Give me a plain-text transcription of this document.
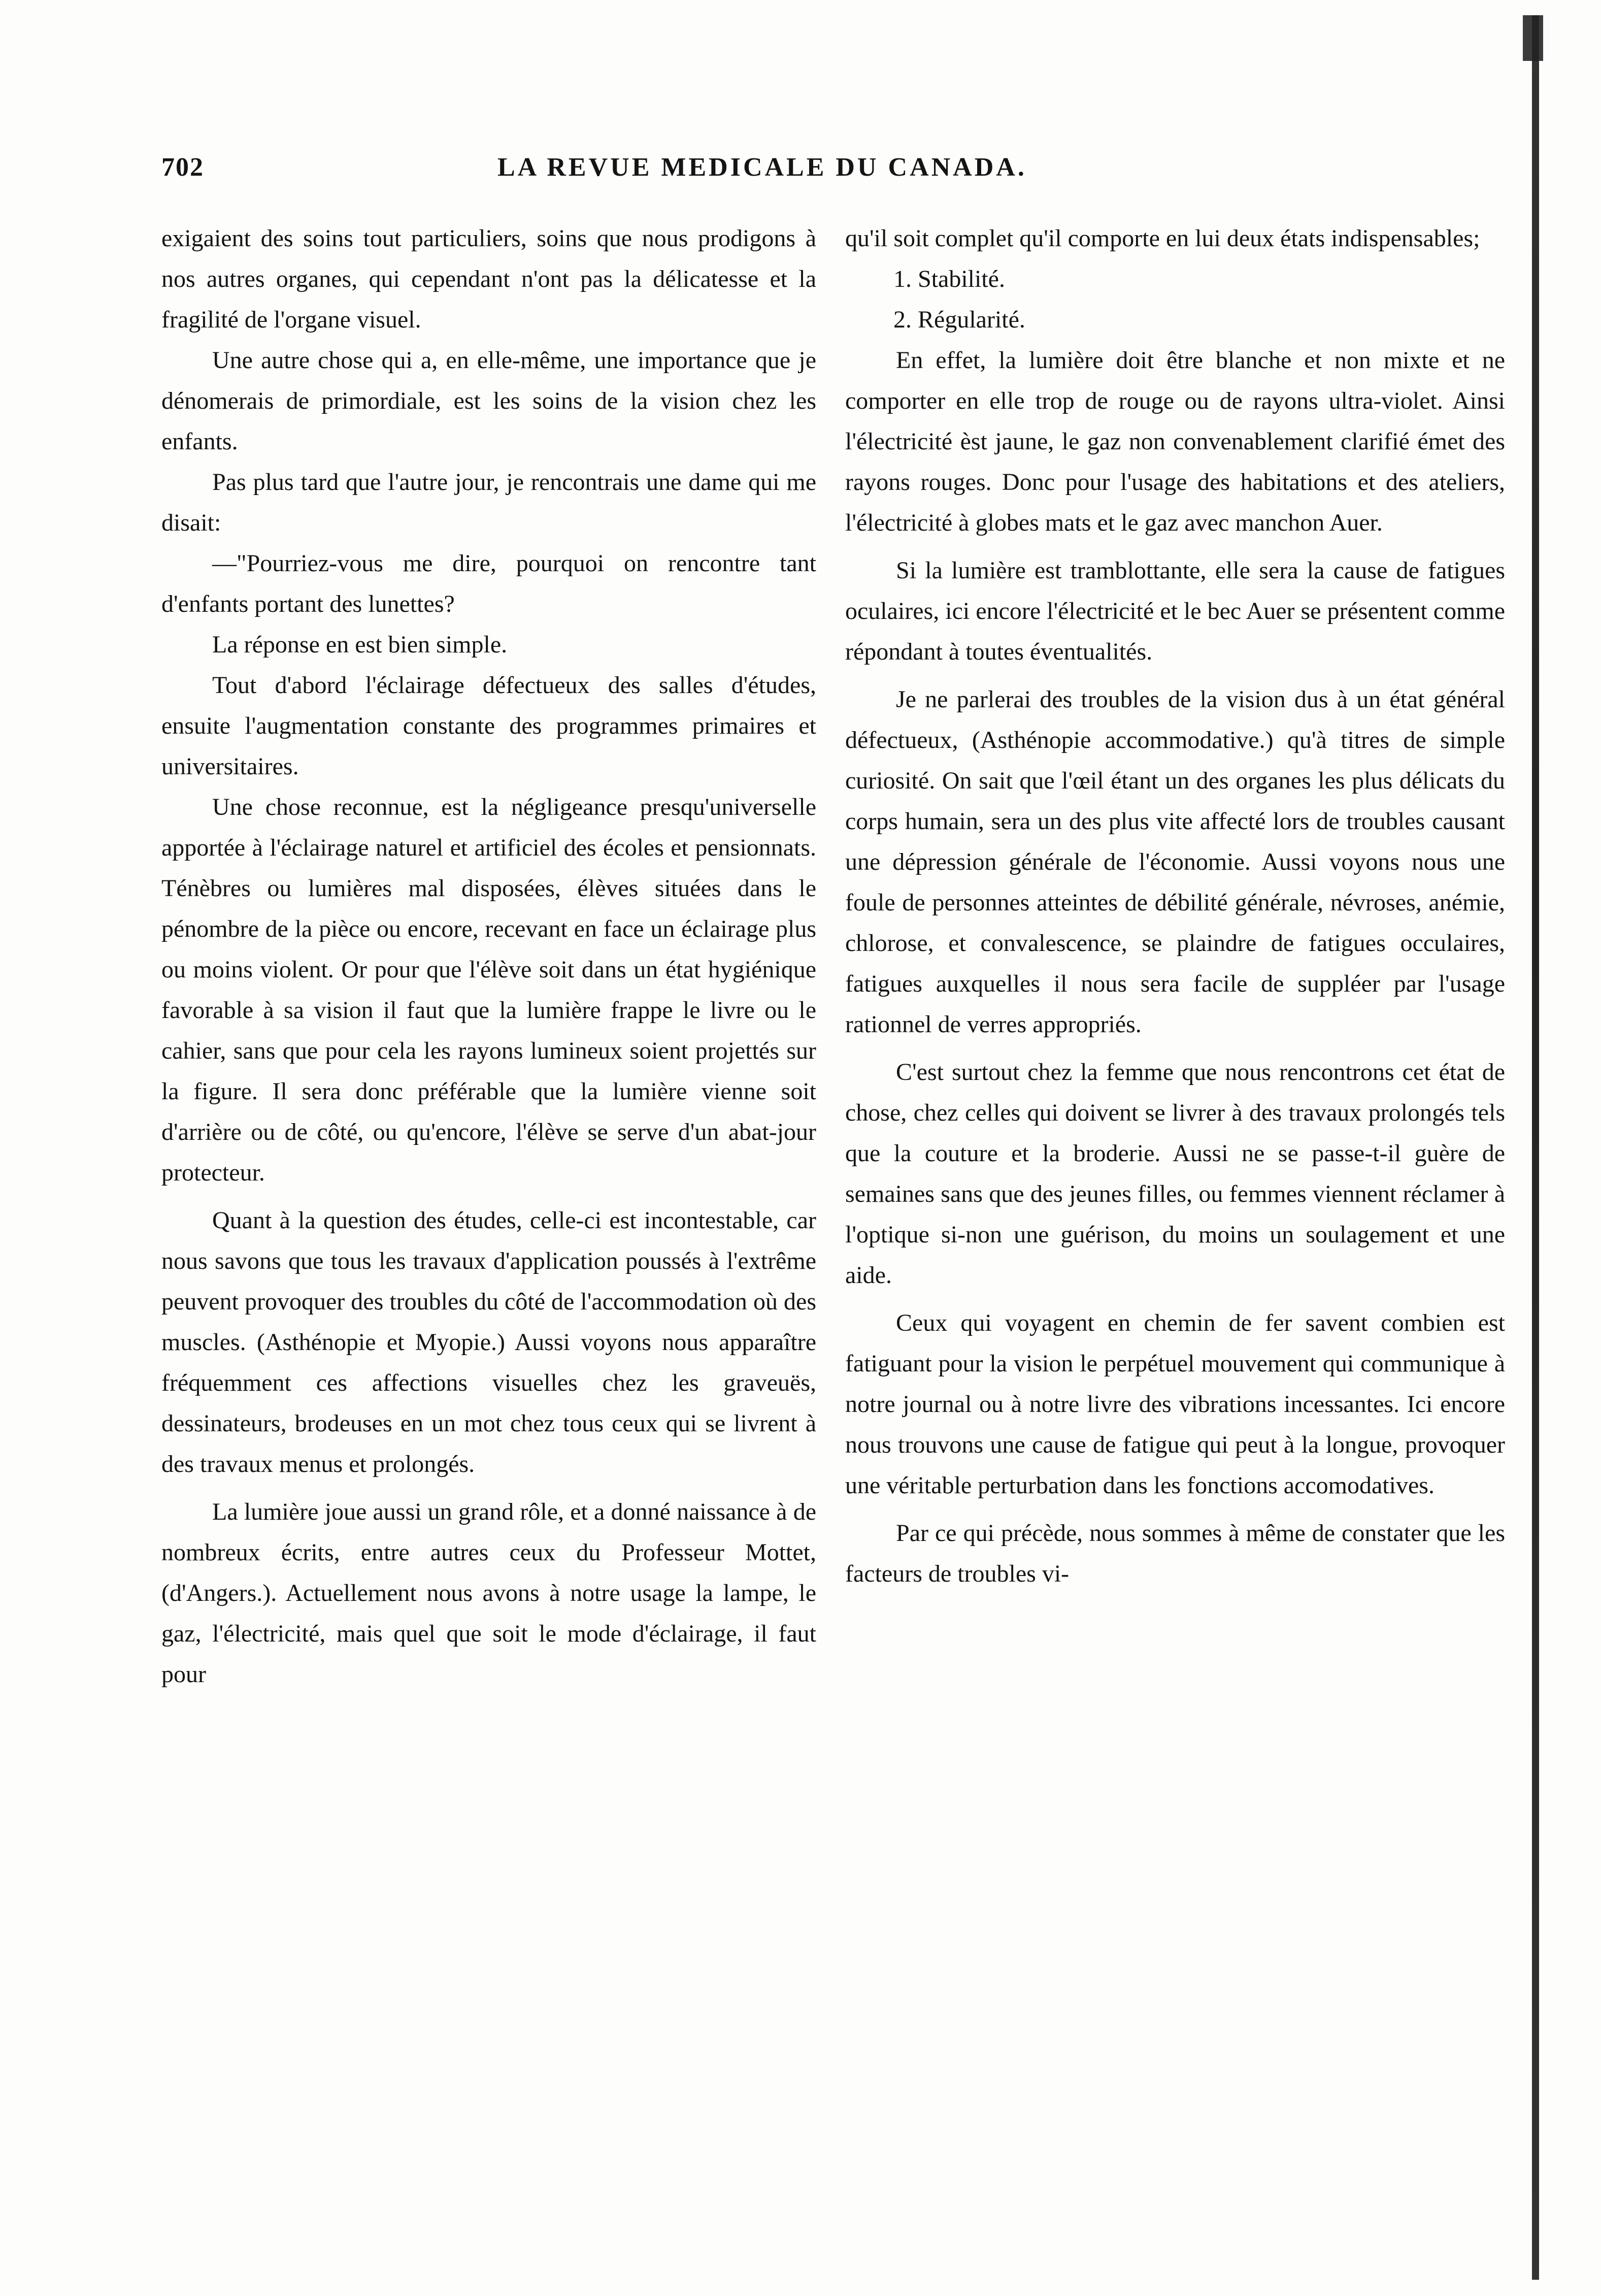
702	LA REVUE MEDICALE DU CANADA.

exigaient des soins tout particuliers, soins que nous prodigons à nos autres organes, qui cependant n'ont pas la délicatesse et la fragilité de l'organe visuel.

Une autre chose qui a, en elle-même, une importance que je dénomerais de primordiale, est les soins de la vision chez les enfants.

Pas plus tard que l'autre jour, je rencontrais une dame qui me disait:

—"Pourriez-vous me dire, pourquoi on rencontre tant d'enfants portant des lunettes?

La réponse en est bien simple.

Tout d'abord l'éclairage défectueux des salles d'études, ensuite l'augmentation constante des programmes primaires et universitaires.

Une chose reconnue, est la négligeance presqu'universelle apportée à l'éclairage naturel et artificiel des écoles et pensionnats. Ténèbres ou lumières mal disposées, élèves situées dans le pénombre de la pièce ou encore, recevant en face un éclairage plus ou moins violent. Or pour que l'élève soit dans un état hygiénique favorable à sa vision il faut que la lumière frappe le livre ou le cahier, sans que pour cela les rayons lumineux soient projettés sur la figure. Il sera donc préférable que la lumière vienne soit d'arrière ou de côté, ou qu'encore, l'élève se serve d'un abat-jour protecteur.

Quant à la question des études, celle-ci est incontestable, car nous savons que tous les travaux d'application poussés à l'extrême peuvent provoquer des troubles du côté de l'accommodation où des muscles. (Asthénopie et Myopie.) Aussi voyons nous apparaître fréquemment ces affections visuelles chez les graveuës, dessinateurs, brodeuses en un mot chez tous ceux qui se livrent à des travaux menus et prolongés.

La lumière joue aussi un grand rôle, et a donné naissance à de nombreux écrits, entre autres ceux du Professeur Mottet, (d'Angers.). Actuellement nous avons à notre usage la lampe, le gaz, l'électricité, mais quel que soit le mode d'éclairage, il faut pour

qu'il soit complet qu'il comporte en lui deux états indispensables;

1. Stabilité.

2. Régularité.

En effet, la lumière doit être blanche et non mixte et ne comporter en elle trop de rouge ou de rayons ultra-violet. Ainsi l'électricité èst jaune, le gaz non convenablement clarifié émet des rayons rouges. Donc pour l'usage des habitations et des ateliers, l'électricité à globes mats et le gaz avec manchon Auer.

Si la lumière est tramblottante, elle sera la cause de fatigues oculaires, ici encore l'électricité et le bec Auer se présentent comme répondant à toutes éventualités.

Je ne parlerai des troubles de la vision dus à un état général défectueux, (Asthénopie accommodative.) qu'à titres de simple curiosité. On sait que l'œil étant un des organes les plus délicats du corps humain, sera un des plus vite affecté lors de troubles causant une dépression générale de l'économie. Aussi voyons nous une foule de personnes atteintes de débilité générale, névroses, anémie, chlorose, et convalescence, se plaindre de fatigues occulaires, fatigues auxquelles il nous sera facile de suppléer par l'usage rationnel de verres appropriés.

C'est surtout chez la femme que nous rencontrons cet état de chose, chez celles qui doivent se livrer à des travaux prolongés tels que la couture et la broderie. Aussi ne se passe-t-il guère de semaines sans que des jeunes filles, ou femmes viennent réclamer à l'optique si-non une guérison, du moins un soulagement et une aide.

Ceux qui voyagent en chemin de fer savent combien est fatiguant pour la vision le perpétuel mouvement qui communique à notre journal ou à notre livre des vibrations incessantes. Ici encore nous trouvons une cause de fatigue qui peut à la longue, provoquer une véritable perturbation dans les fonctions accomodatives.

Par ce qui précède, nous sommes à même de constater que les facteurs de troubles vi-
